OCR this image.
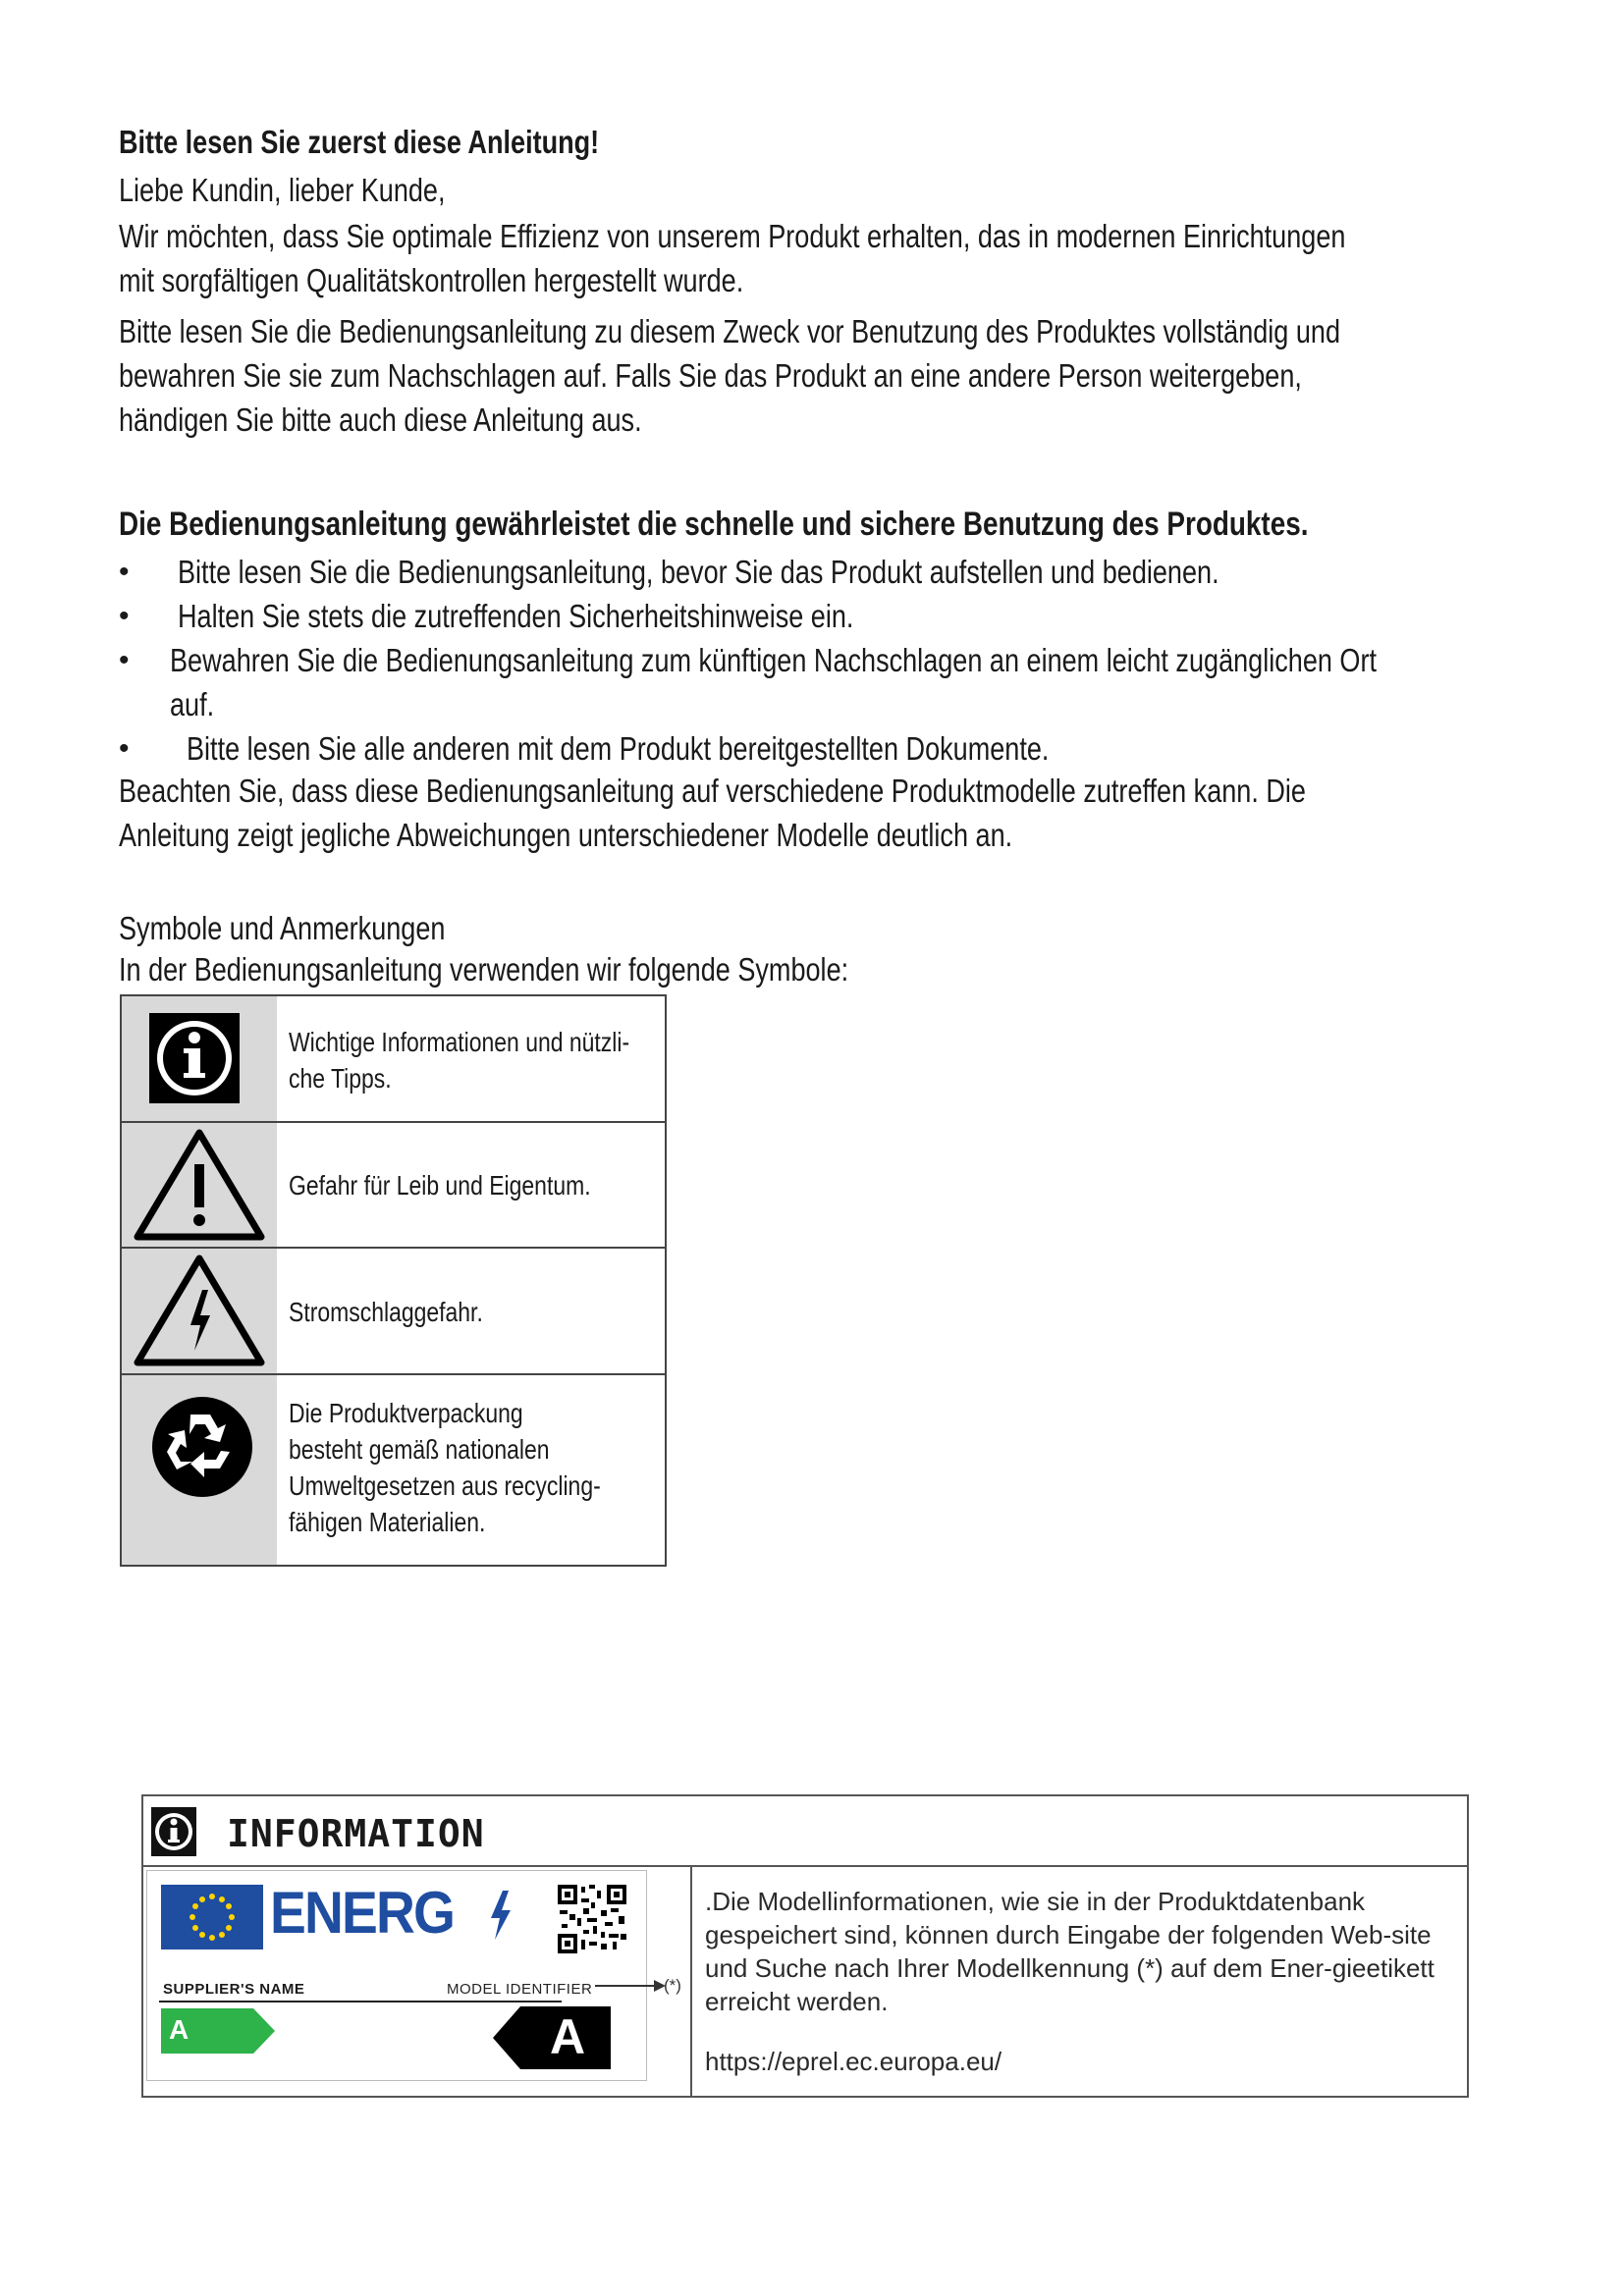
Bitte lesen Sie zuerst diese Anleitung!
Liebe Kundin, lieber Kunde,
Wir möchten, dass Sie optimale Effizienz von unserem Produkt erhalten, das in modernen Einrichtungen
mit sorgfältigen Qualitätskontrollen hergestellt wurde.
Bitte lesen Sie die Bedienungsanleitung zu diesem Zweck vor Benutzung des Produktes vollständig und
bewahren Sie sie zum Nachschlagen auf. Falls Sie das Produkt an eine andere Person weitergeben,
händigen Sie bitte auch diese Anleitung aus.
Die Bedienungsanleitung gewährleistet die schnelle und sichere Benutzung des Produktes.
• Bitte lesen Sie die Bedienungsanleitung, bevor Sie das Produkt aufstellen und bedienen.
• Halten Sie stets die zutreffenden Sicherheitshinweise ein.
• Bewahren Sie die Bedienungsanleitung zum künftigen Nachschlagen an einem leicht zugänglichen Ort
auf.
• Bitte lesen Sie alle anderen mit dem Produkt bereitgestellten Dokumente.
Beachten Sie, dass diese Bedienungsanleitung auf verschiedene Produktmodelle zutreffen kann. Die
Anleitung zeigt jegliche Abweichungen unterschiedener Modelle deutlich an.
Symbole und Anmerkungen
In der Bedienungsanleitung verwenden wir folgende Symbole:
Wichtige Informationen und nützli-
che Tipps.
Gefahr für Leib und Eigentum.
Stromschlaggefahr.
Die Produktverpackung
besteht gemäß nationalen
Umweltgesetzen aus recycling-
fähigen Materialien.
INFORMATION
ENERG
SUPPLIER'S NAME	MODEL IDENTIFIER
A	A
(*)
.Die Modellinformationen, wie sie in der Produktdatenbank gespeichert sind, können durch Eingabe der folgenden Web-site und Suche nach Ihrer Modellkennung (*) auf dem Ener-gieetikett erreicht werden.
https://eprel.ec.europa.eu/
